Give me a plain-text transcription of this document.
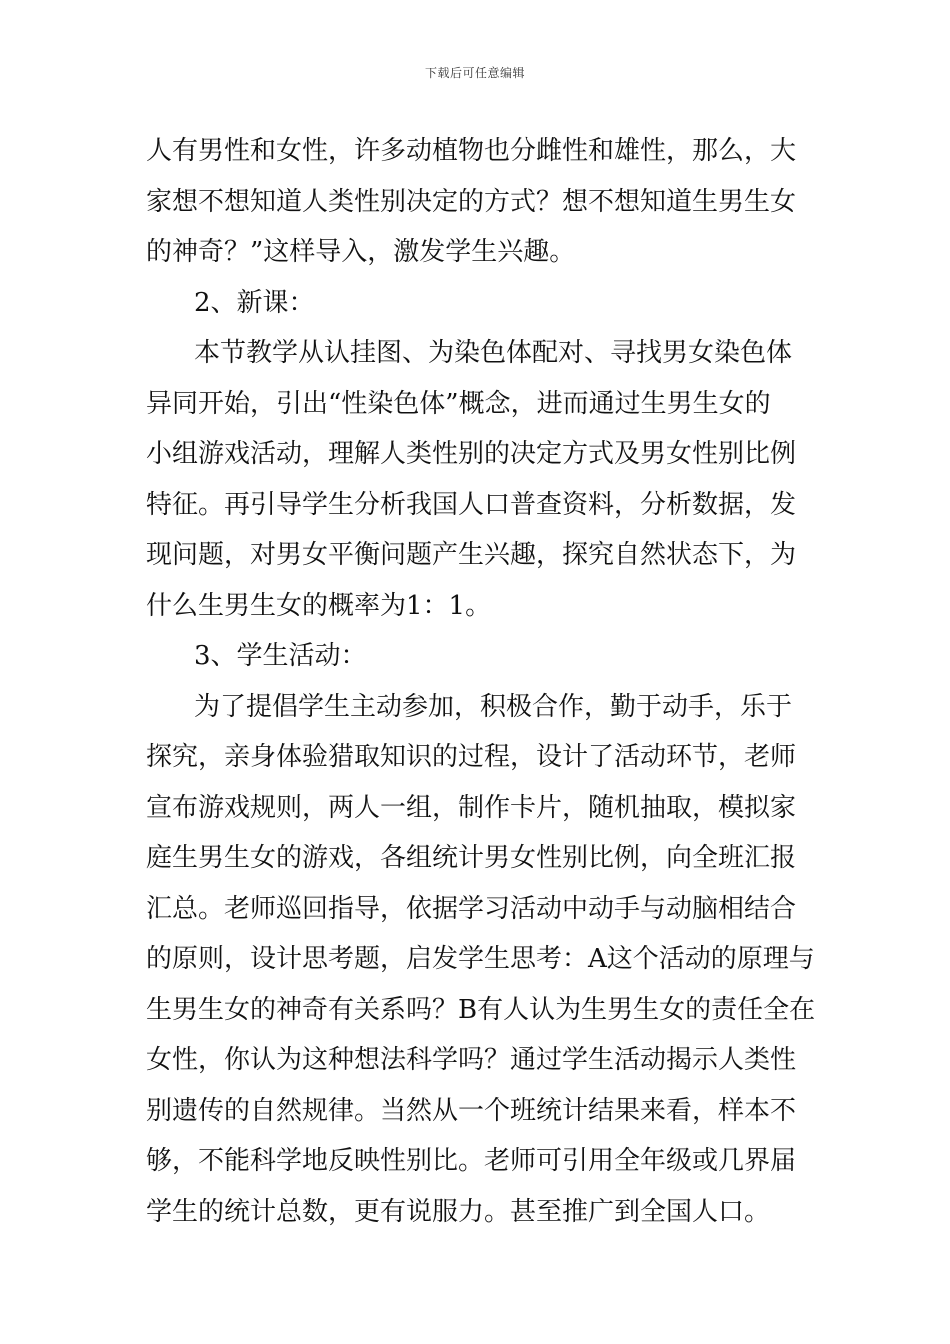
下载后可任意编辑
人有男性和女性，许多动植物也分雌性和雄性，那么，大
家想不想知道人类性别决定的方式？想不想知道生男生女
的神奇？”这样导入，激发学生兴趣。
2、新课：
本节教学从认挂图、为染色体配对、寻找男女染色体
异同开始，引出“性染色体”概念，进而通过生男生女的
小组游戏活动，理解人类性别的决定方式及男女性别比例
特征。再引导学生分析我国人口普查资料，分析数据，发
现问题，对男女平衡问题产生兴趣，探究自然状态下，为
什么生男生女的概率为1：1。
3、学生活动：
为了提倡学生主动参加，积极合作，勤于动手，乐于
探究，亲身体验猎取知识的过程，设计了活动环节，老师
宣布游戏规则，两人一组，制作卡片，随机抽取，模拟家
庭生男生女的游戏，各组统计男女性别比例，向全班汇报
汇总。老师巡回指导，依据学习活动中动手与动脑相结合
的原则，设计思考题，启发学生思考：A这个活动的原理与
生男生女的神奇有关系吗？B有人认为生男生女的责任全在
女性，你认为这种想法科学吗？通过学生活动揭示人类性
别遗传的自然规律。当然从一个班统计结果来看，样本不
够，不能科学地反映性别比。老师可引用全年级或几界届
学生的统计总数，更有说服力。甚至推广到全国人口。
